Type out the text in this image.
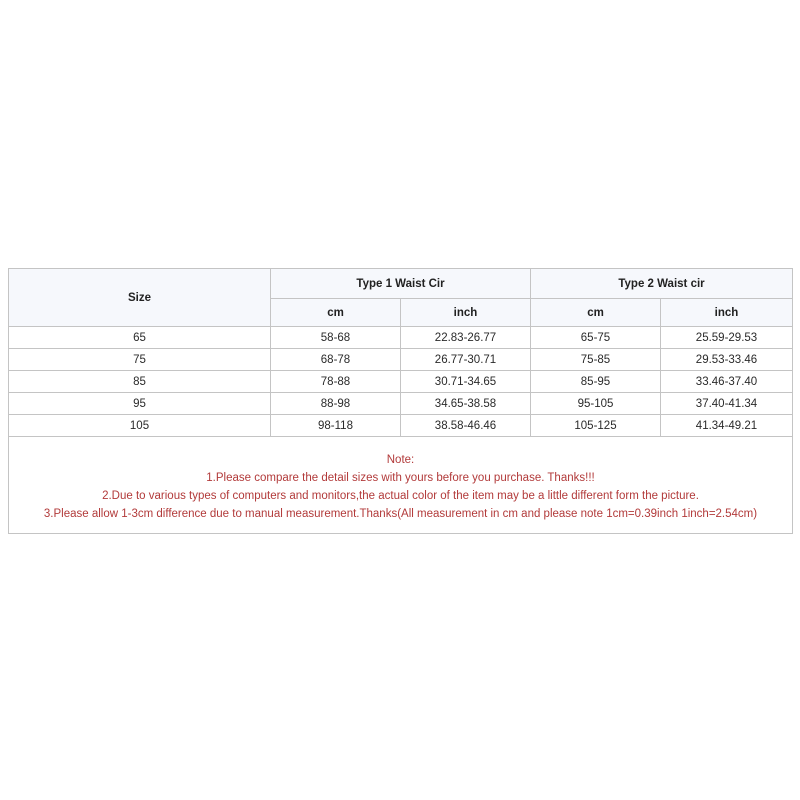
Size	Type 1 Waist Cir		Type 2 Waist cir	
	cm	inch	cm	inch
65	58-68	22.83-26.77	65-75	25.59-29.53
75	68-78	26.77-30.71	75-85	29.53-33.46
85	78-88	30.71-34.65	85-95	33.46-37.40
95	88-98	34.65-38.58	95-105	37.40-41.34
105	98-118	38.58-46.46	105-125	41.34-49.21

Note:
1.Please compare the detail sizes with yours before you purchase. Thanks!!!
2.Due to various types of computers and monitors,the actual color of the item may be a little different form the picture.
3.Please allow 1-3cm difference due to manual measurement.Thanks(All measurement in cm and please note 1cm=0.39inch 1inch=2.54cm)				
